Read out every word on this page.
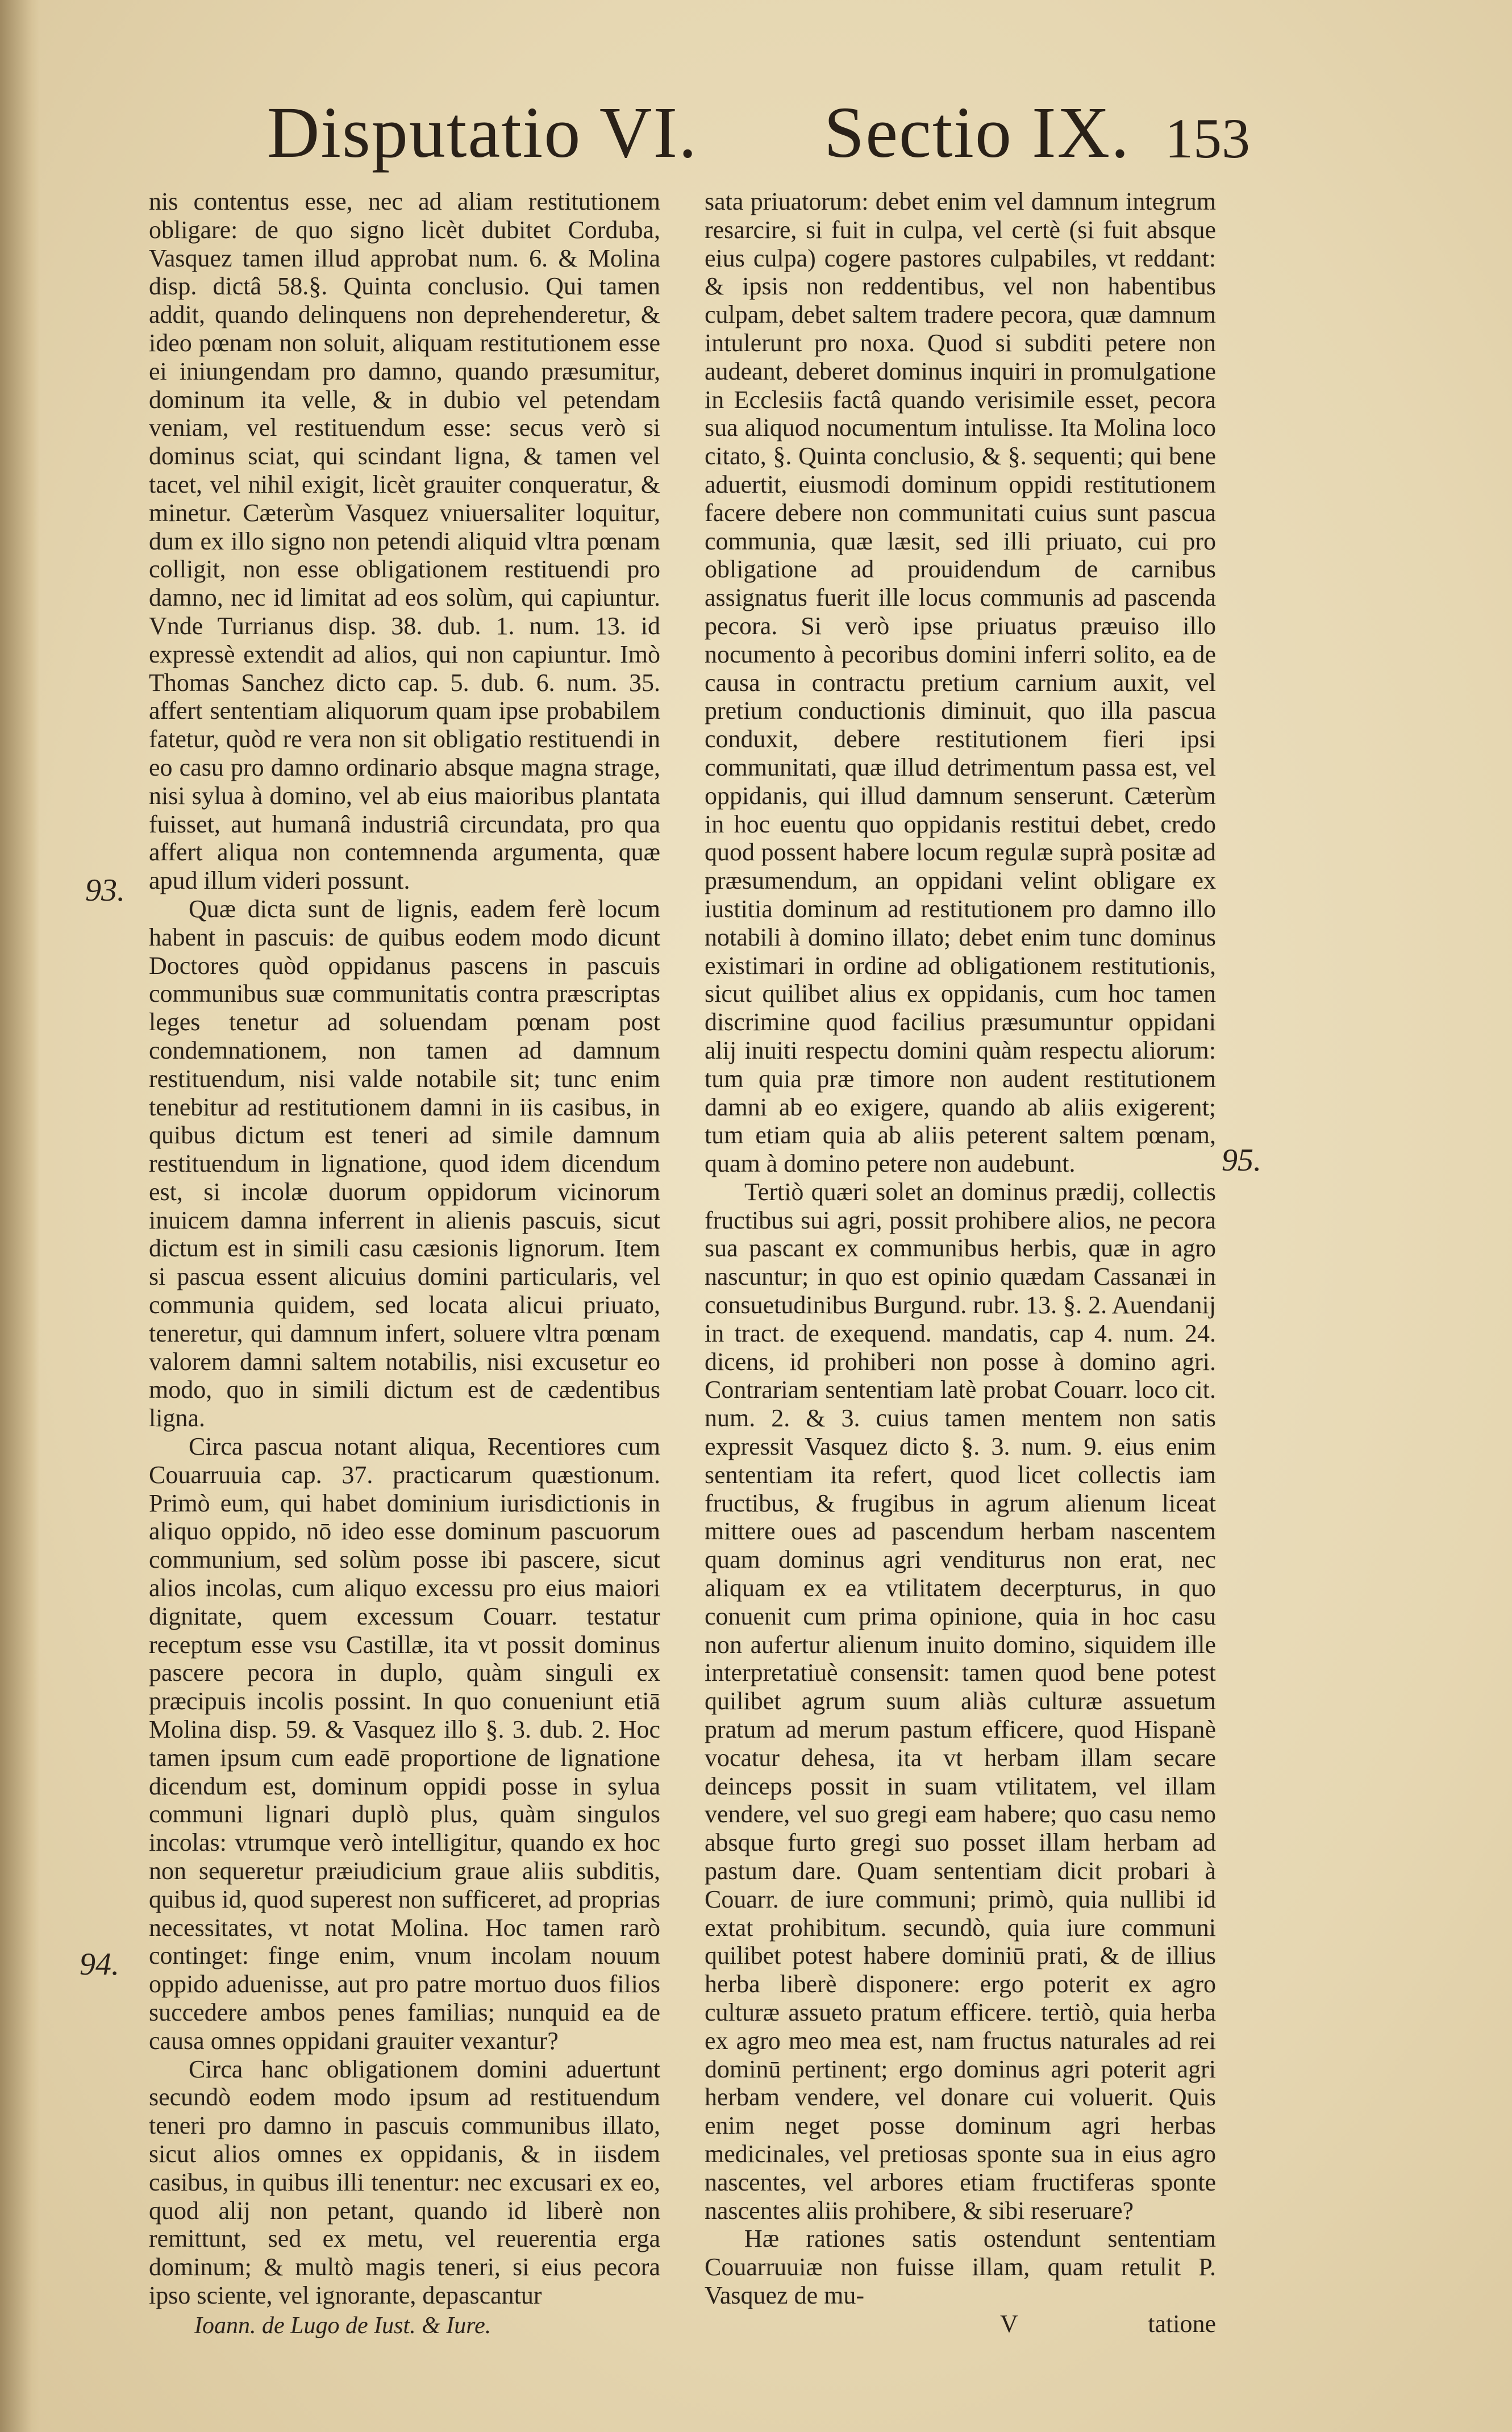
Disputatio VI. Sectio IX. 153
93.
94.
95.

nis contentus esse, nec ad aliam restitutionem obligare: de quo signo licèt dubitet Corduba, Vasquez tamen illud approbat num. 6. & Molina disp. dictâ 58.§. Quinta conclusio. Qui tamen addit, quando delinquens non deprehenderetur, & ideo pœnam non soluit, aliquam restitutionem esse ei iniungendam pro damno, quando præsumitur, dominum ita velle, & in dubio vel petendam veniam, vel restituendum esse: secus verò si dominus sciat, qui scindant ligna, & tamen vel tacet, vel nihil exigit, licèt grauiter conqueratur, & minetur. Cæterùm Vasquez vniuersaliter loquitur, dum ex illo signo non petendi aliquid vltra pœnam colligit, non esse obligationem restituendi pro damno, nec id limitat ad eos solùm, qui capiuntur. Vnde Turrianus disp. 38. dub. 1. num. 13. id expressè extendit ad alios, qui non capiuntur. Imò Thomas Sanchez dicto cap. 5. dub. 6. num. 35. affert sententiam aliquorum quam ipse probabilem fatetur, quòd re vera non sit obligatio restituendi in eo casu pro damno ordinario absque magna strage, nisi sylua à domino, vel ab eius maioribus plantata fuisset, aut humanâ industriâ circundata, pro qua affert aliqua non contemnenda argumenta, quæ apud illum videri possunt.

Quæ dicta sunt de lignis, eadem ferè locum habent in pascuis: de quibus eodem modo dicunt Doctores quòd oppidanus pascens in pascuis communibus suæ communitatis contra præscriptas leges tenetur ad soluendam pœnam post condemnationem, non tamen ad damnum restituendum, nisi valde notabile sit; tunc enim tenebitur ad restitutionem damni in iis casibus, in quibus dictum est teneri ad simile damnum restituendum in lignatione, quod idem dicendum est, si incolæ duorum oppidorum vicinorum inuicem damna inferrent in alienis pascuis, sicut dictum est in simili casu cæsionis lignorum. Item si pascua essent alicuius domini particularis, vel communia quidem, sed locata alicui priuato, teneretur, qui damnum infert, soluere vltra pœnam valorem damni saltem notabilis, nisi excusetur eo modo, quo in simili dictum est de cædentibus ligna.

Circa pascua notant aliqua, Recentiores cum Couarruuia cap. 37. practicarum quæstionum. Primò eum, qui habet dominium iurisdictionis in aliquo oppido, nō ideo esse dominum pascuorum communium, sed solùm posse ibi pascere, sicut alios incolas, cum aliquo excessu pro eius maiori dignitate, quem excessum Couarr. testatur receptum esse vsu Castillæ, ita vt possit dominus pascere pecora in duplo, quàm singuli ex præcipuis incolis possint. In quo conueniunt etiā Molina disp. 59. & Vasquez illo §. 3. dub. 2. Hoc tamen ipsum cum eadē proportione de lignatione dicendum est, dominum oppidi posse in sylua communi lignari duplò plus, quàm singulos incolas: vtrumque verò intelligitur, quando ex hoc non sequeretur præiudicium graue aliis subditis, quibus id, quod superest non sufficeret, ad proprias necessitates, vt notat Molina. Hoc tamen rarò continget: finge enim, vnum incolam nouum oppido aduenisse, aut pro patre mortuo duos filios succedere ambos penes familias; nunquid ea de causa omnes oppidani grauiter vexantur?

Circa hanc obligationem domini aduertunt secundò eodem modo ipsum ad restituendum teneri pro damno in pascuis communibus illato, sicut alios omnes ex oppidanis, & in iisdem casibus, in quibus illi tenentur: nec excusari ex eo, quod alij non petant, quando id liberè non remittunt, sed ex metu, vel reuerentia erga dominum; & multò magis teneri, si eius pecora ipso sciente, vel ignorante, depascantur

Ioann. de Lugo de Iust. & Iure.

sata priuatorum: debet enim vel damnum integrum resarcire, si fuit in culpa, vel certè (si fuit absque eius culpa) cogere pastores culpabiles, vt reddant: & ipsis non reddentibus, vel non habentibus culpam, debet saltem tradere pecora, quæ damnum intulerunt pro noxa. Quod si subditi petere non audeant, deberet dominus inquiri in promulgatione in Ecclesiis factâ quando verisimile esset, pecora sua aliquod nocumentum intulisse. Ita Molina loco citato, §. Quinta conclusio, & §. sequenti; qui bene aduertit, eiusmodi dominum oppidi restitutionem facere debere non communitati cuius sunt pascua communia, quæ læsit, sed illi priuato, cui pro obligatione ad prouidendum de carnibus assignatus fuerit ille locus communis ad pascenda pecora. Si verò ipse priuatus præuiso illo nocumento à pecoribus domini inferri solito, ea de causa in contractu pretium carnium auxit, vel pretium conductionis diminuit, quo illa pascua conduxit, debere restitutionem fieri ipsi communitati, quæ illud detrimentum passa est, vel oppidanis, qui illud damnum senserunt. Cæterùm in hoc euentu quo oppidanis restitui debet, credo quod possent habere locum regulæ suprà positæ ad præsumendum, an oppidani velint obligare ex iustitia dominum ad restitutionem pro damno illo notabili à domino illato; debet enim tunc dominus existimari in ordine ad obligationem restitutionis, sicut quilibet alius ex oppidanis, cum hoc tamen discrimine quod facilius præsumuntur oppidani alij inuiti respectu domini quàm respectu aliorum: tum quia præ timore non audent restitutionem damni ab eo exigere, quando ab aliis exigerent; tum etiam quia ab aliis peterent saltem pœnam, quam à domino petere non audebunt.

Tertiò quæri solet an dominus prædij, collectis fructibus sui agri, possit prohibere alios, ne pecora sua pascant ex communibus herbis, quæ in agro nascuntur; in quo est opinio quædam Cassanæi in consuetudinibus Burgund. rubr. 13. §. 2. Auendanij in tract. de exequend. mandatis, cap 4. num. 24. dicens, id prohiberi non posse à domino agri. Contrariam sententiam latè probat Couarr. loco cit. num. 2. & 3. cuius tamen mentem non satis expressit Vasquez dicto §. 3. num. 9. eius enim sententiam ita refert, quod licet collectis iam fructibus, & frugibus in agrum alienum liceat mittere oues ad pascendum herbam nascentem quam dominus agri venditurus non erat, nec aliquam ex ea vtilitatem decerpturus, in quo conuenit cum prima opinione, quia in hoc casu non aufertur alienum inuito domino, siquidem ille interpretatiuè consensit: tamen quod bene potest quilibet agrum suum aliàs culturæ assuetum pratum ad merum pastum efficere, quod Hispanè vocatur dehesa, ita vt herbam illam secare deinceps possit in suam vtilitatem, vel illam vendere, vel suo gregi eam habere; quo casu nemo absque furto gregi suo posset illam herbam ad pastum dare. Quam sententiam dicit probari à Couarr. de iure communi; primò, quia nullibi id extat prohibitum. secundò, quia iure communi quilibet potest habere dominiū prati, & de illius herba liberè disponere: ergo poterit ex agro culturæ assueto pratum efficere. tertiò, quia herba ex agro meo mea est, nam fructus naturales ad rei dominū pertinent; ergo dominus agri poterit agri herbam vendere, vel donare cui voluerit. Quis enim neget posse dominum agri herbas medicinales, vel pretiosas sponte sua in eius agro nascentes, vel arbores etiam fructiferas sponte nascentes aliis prohibere, & sibi reseruare?

Hæ rationes satis ostendunt sententiam Couarruuiæ non fuisse illam, quam retulit P. Vasquez de mu-

V	tatione
